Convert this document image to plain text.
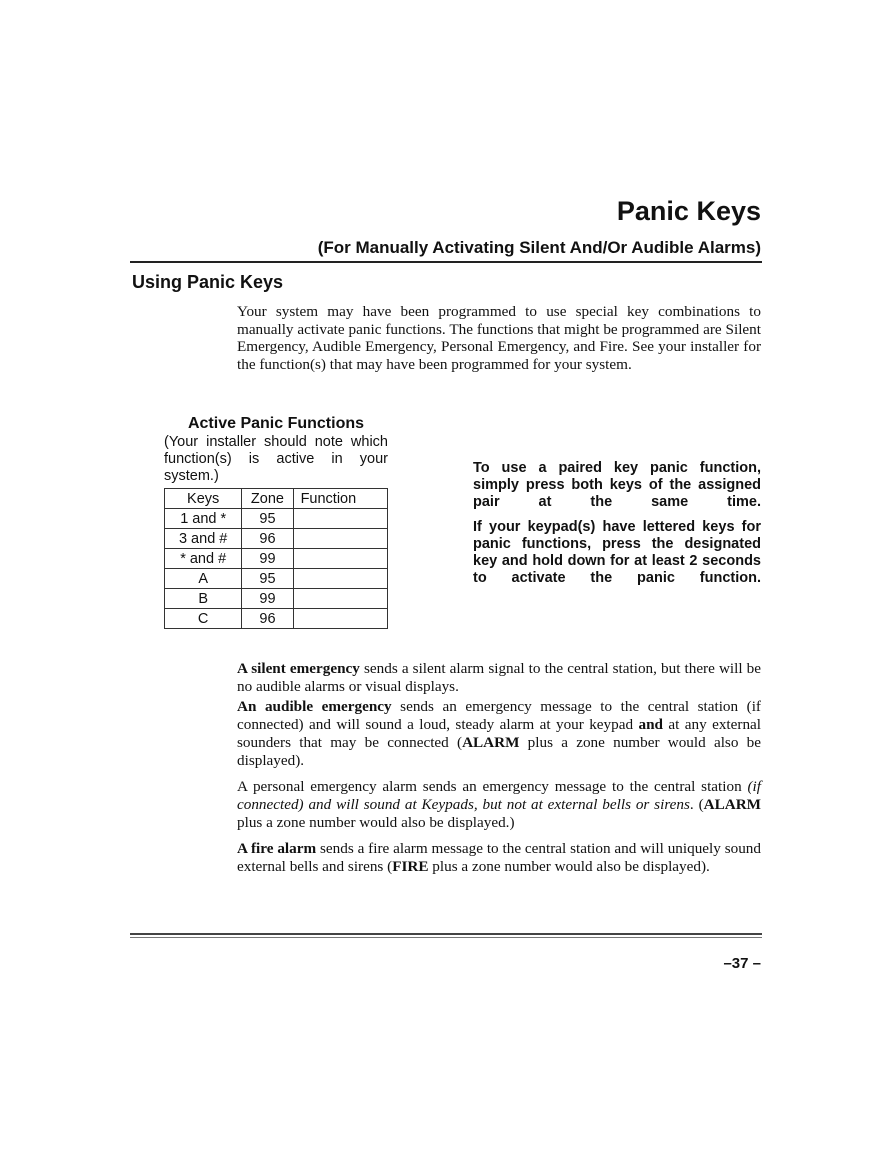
Panic Keys
(For Manually Activating Silent And/Or Audible Alarms)
Using Panic Keys

Your system may have been programmed to use special key combinations to manually activate panic functions. The functions that might be programmed are Silent Emergency, Audible Emergency, Personal Emergency, and Fire. See your installer for the function(s) that may have been programmed for your system.

Active Panic Functions
(Your installer should note which function(s) is active in your system.)
Keys	Zone	Function
1 and *	95	
3 and #	96	
* and #	99	
A	95	
B	99	
C	96	

To use a paired key panic function, simply press both keys of the assigned pair at the same time.

If your keypad(s) have lettered keys for panic functions, press the designated key and hold down for at least 2 seconds to activate the panic function.

A silent emergency sends a silent alarm signal to the central station, but there will be no audible alarms or visual displays.

An audible emergency sends an emergency message to the central station (if connected) and will sound a loud, steady alarm at your keypad and at any external sounders that may be connected (ALARM plus a zone number would also be displayed).

A personal emergency alarm sends an emergency message to the central station (if connected) and will sound at Keypads, but not at external bells or sirens. (ALARM plus a zone number would also be displayed.)

A fire alarm sends a fire alarm message to the central station and will uniquely sound external bells and sirens (FIRE plus a zone number would also be displayed).

–37 –
